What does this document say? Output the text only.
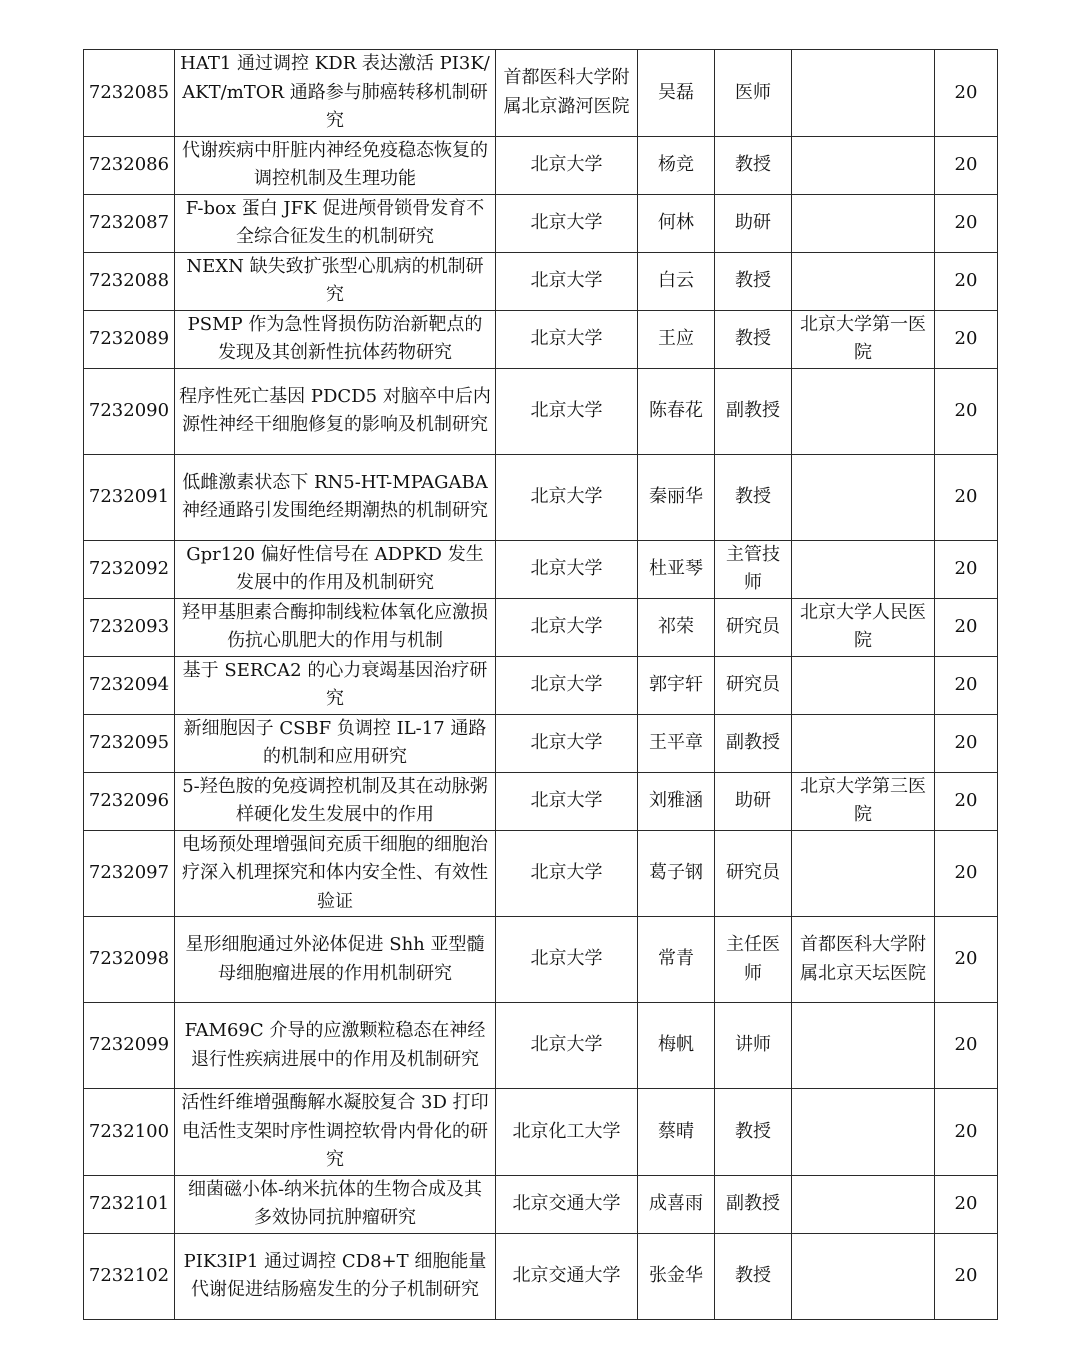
7232085	HAT1 通过调控 KDR 表达激活 PI3K/AKT/mTOR 通路参与肺癌转移机制研究	首都医科大学附属北京潞河医院	吴磊	医师		20
7232086	代谢疾病中肝脏内神经免疫稳态恢复的调控机制及生理功能	北京大学	杨竞	教授		20
7232087	F-box 蛋白 JFK 促进颅骨锁骨发育不全综合征发生的机制研究	北京大学	何林	助研		20
7232088	NEXN 缺失致扩张型心肌病的机制研究	北京大学	白云	教授		20
7232089	PSMP 作为急性肾损伤防治新靶点的发现及其创新性抗体药物研究	北京大学	王应	教授	北京大学第一医院	20
7232090	程序性死亡基因 PDCD5 对脑卒中后内源性神经干细胞修复的影响及机制研究	北京大学	陈春花	副教授		20
7232091	低雌激素状态下 RN5-HT-MPAGABA 神经通路引发围绝经期潮热的机制研究	北京大学	秦丽华	教授		20
7232092	Gpr120 偏好性信号在 ADPKD 发生发展中的作用及机制研究	北京大学	杜亚琴	主管技师		20
7232093	羟甲基胆素合酶抑制线粒体氧化应激损伤抗心肌肥大的作用与机制	北京大学	祁荣	研究员	北京大学人民医院	20
7232094	基于 SERCA2 的心力衰竭基因治疗研究	北京大学	郭宇轩	研究员		20
7232095	新细胞因子 CSBF 负调控 IL-17 通路的机制和应用研究	北京大学	王平章	副教授		20
7232096	5-羟色胺的免疫调控机制及其在动脉粥样硬化发生发展中的作用	北京大学	刘雅涵	助研	北京大学第三医院	20
7232097	电场预处理增强间充质干细胞的细胞治疗深入机理探究和体内安全性、有效性验证	北京大学	葛子钢	研究员		20
7232098	星形细胞通过外泌体促进 Shh 亚型髓母细胞瘤进展的作用机制研究	北京大学	常青	主任医师	首都医科大学附属北京天坛医院	20
7232099	FAM69C 介导的应激颗粒稳态在神经退行性疾病进展中的作用及机制研究	北京大学	梅帆	讲师		20
7232100	活性纤维增强酶解水凝胶复合 3D 打印电活性支架时序性调控软骨内骨化的研究	北京化工大学	蔡晴	教授		20
7232101	细菌磁小体-纳米抗体的生物合成及其多效协同抗肿瘤研究	北京交通大学	成喜雨	副教授		20
7232102	PIK3IP1 通过调控 CD8+T 细胞能量代谢促进结肠癌发生的分子机制研究	北京交通大学	张金华	教授		20
